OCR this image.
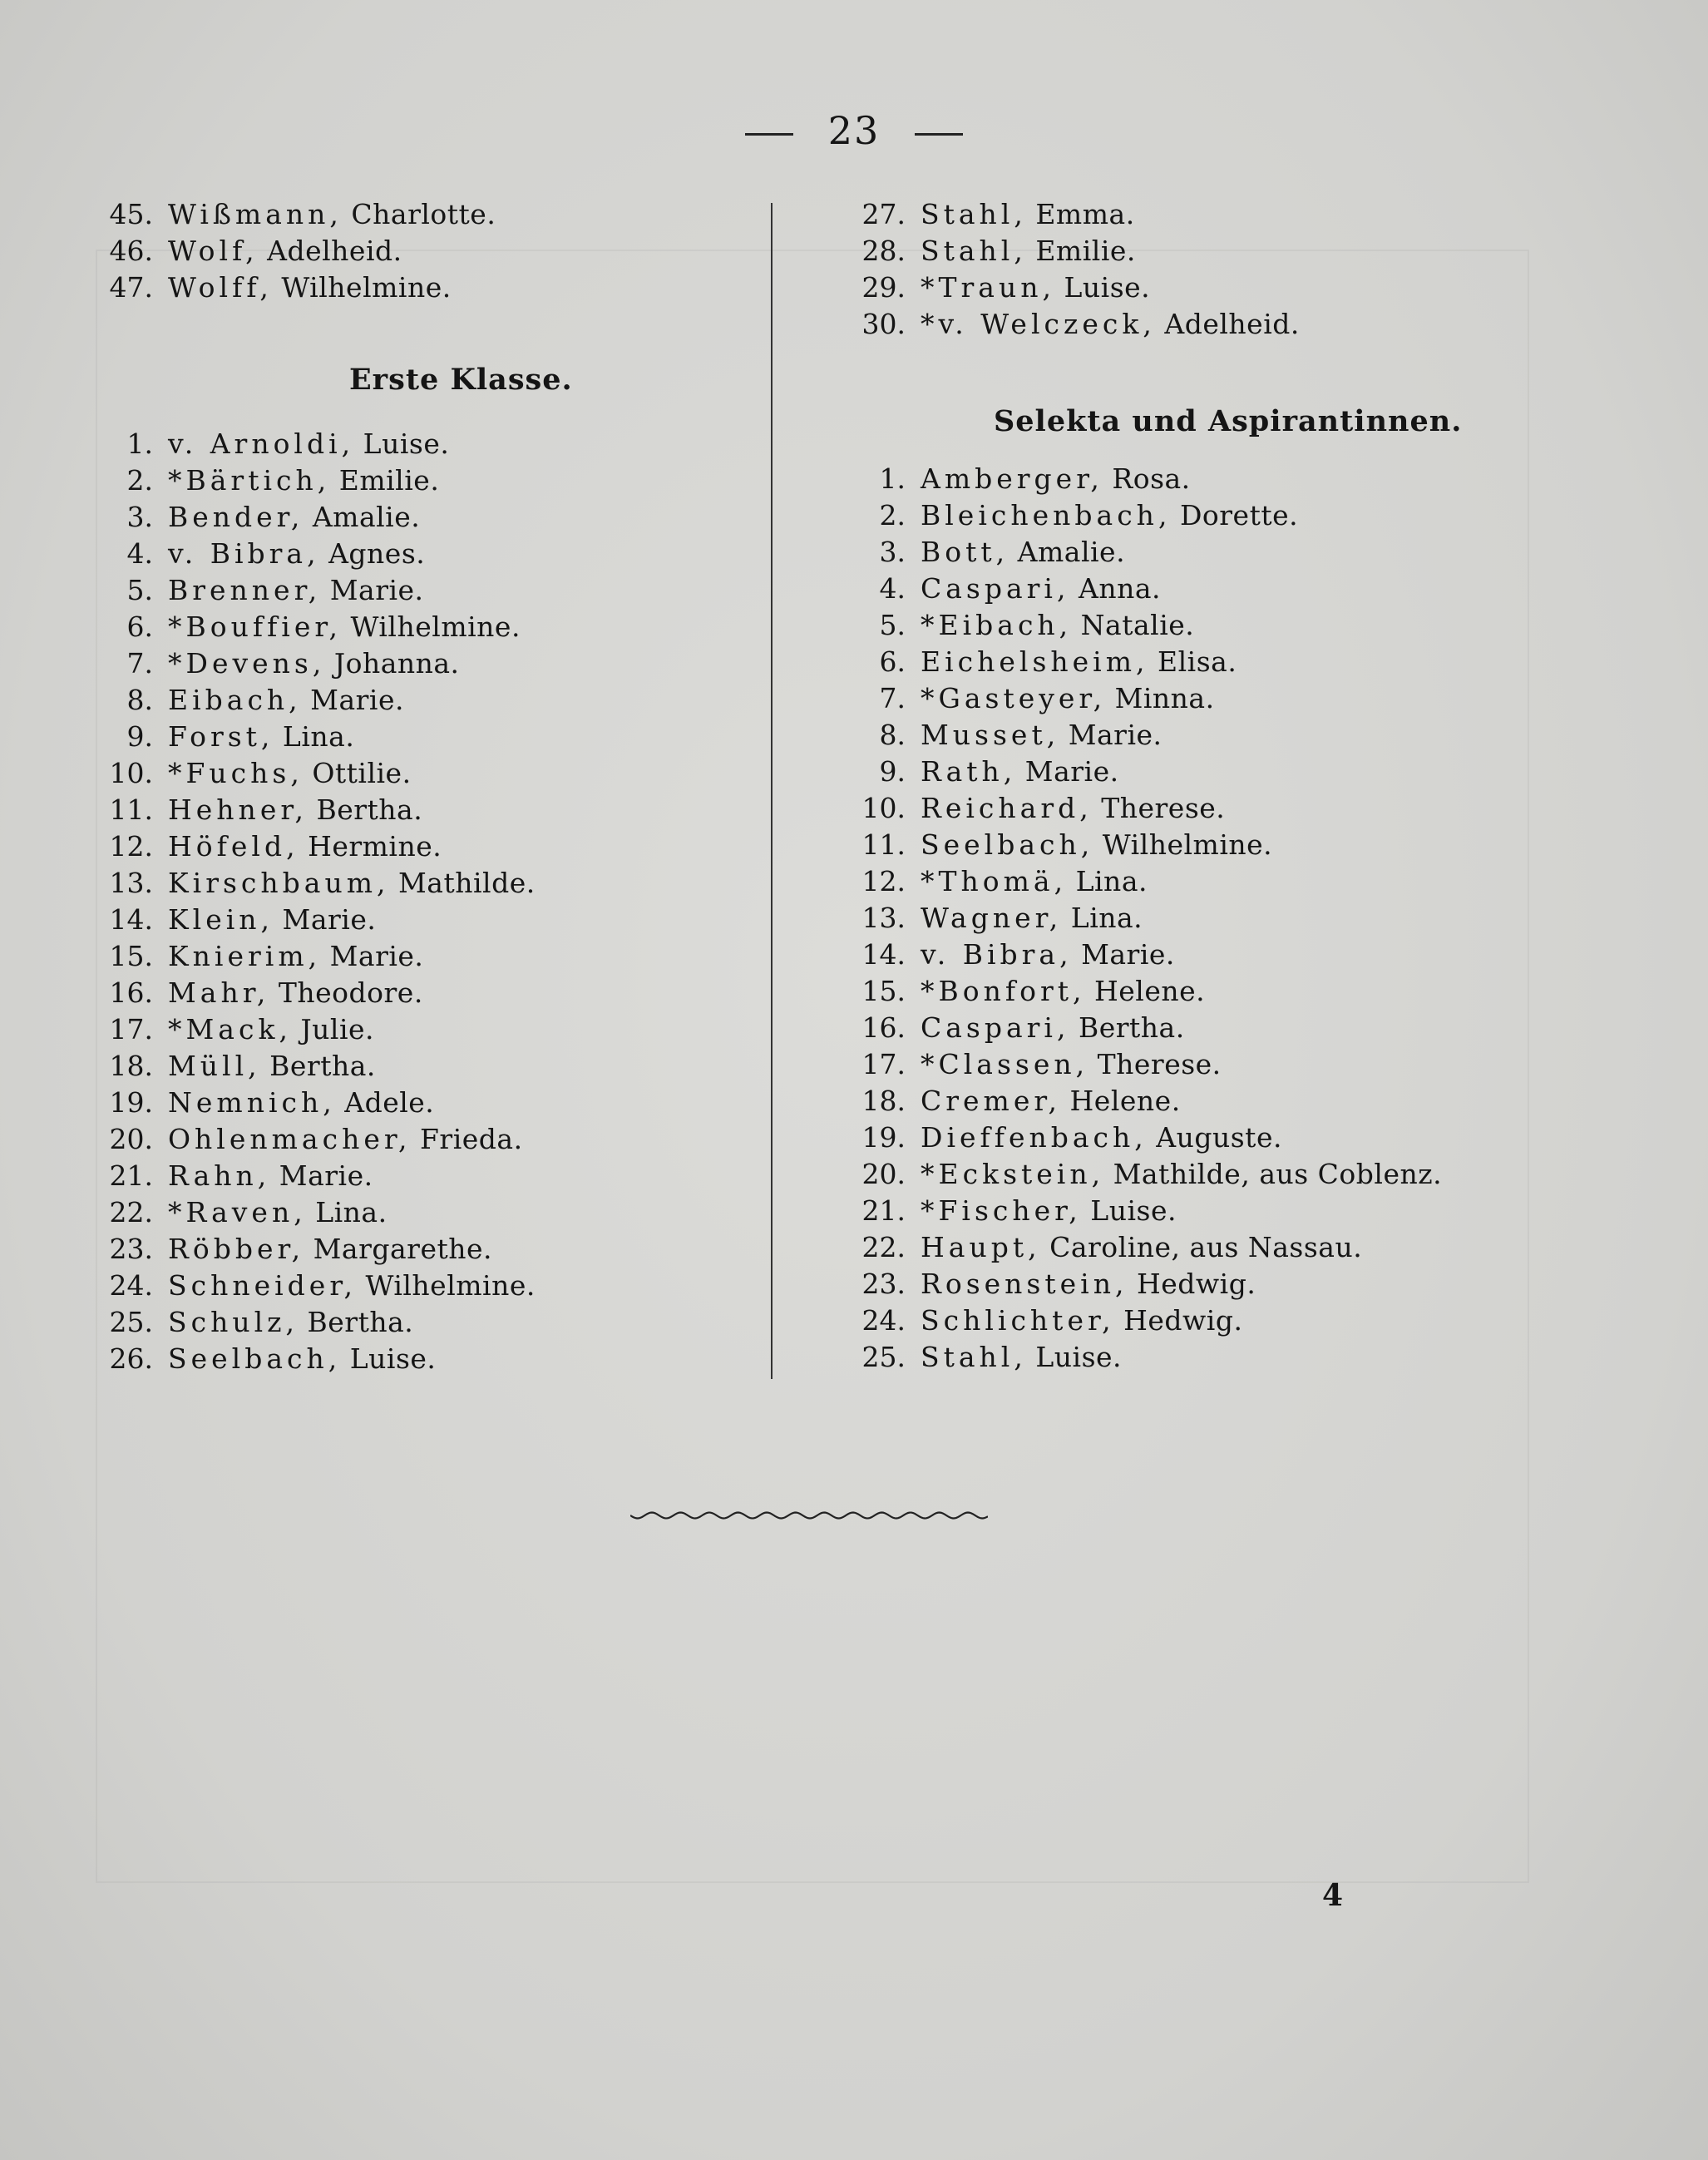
23
45. Wißmann, Charlotte.
46. Wolf, Adelheid.
47. Wolff, Wilhelmine.
Erste Klasse.
1. v. Arnoldi, Luise.
2. *Bärtich, Emilie.
3. Bender, Amalie.
4. v. Bibra, Agnes.
5. Brenner, Marie.
6. *Bouffier, Wilhelmine.
7. *Devens, Johanna.
8. Eibach, Marie.
9. Forst, Lina.
10. *Fuchs, Ottilie.
11. Hehner, Bertha.
12. Höfeld, Hermine.
13. Kirschbaum, Mathilde.
14. Klein, Marie.
15. Knierim, Marie.
16. Mahr, Theodore.
17. *Mack, Julie.
18. Müll, Bertha.
19. Nemnich, Adele.
20. Ohlenmacher, Frieda.
21. Rahn, Marie.
22. *Raven, Lina.
23. Röbber, Margarethe.
24. Schneider, Wilhelmine.
25. Schulz, Bertha.
26. Seelbach, Luise.
27. Stahl, Emma.
28. Stahl, Emilie.
29. *Traun, Luise.
30. *v. Welczeck, Adelheid.
Selekta und Aspirantinnen.
1. Amberger, Rosa.
2. Bleichenbach, Dorette.
3. Bott, Amalie.
4. Caspari, Anna.
5. *Eibach, Natalie.
6. Eichelsheim, Elisa.
7. *Gasteyer, Minna.
8. Musset, Marie.
9. Rath, Marie.
10. Reichard, Therese.
11. Seelbach, Wilhelmine.
12. *Thomä, Lina.
13. Wagner, Lina.
14. v. Bibra, Marie.
15. *Bonfort, Helene.
16. Caspari, Bertha.
17. *Classen, Therese.
18. Cremer, Helene.
19. Dieffenbach, Auguste.
20. *Eckstein, Mathilde, aus Coblenz.
21. *Fischer, Luise.
22. Haupt, Caroline, aus Nassau.
23. Rosenstein, Hedwig.
24. Schlichter, Hedwig.
25. Stahl, Luise.
4
